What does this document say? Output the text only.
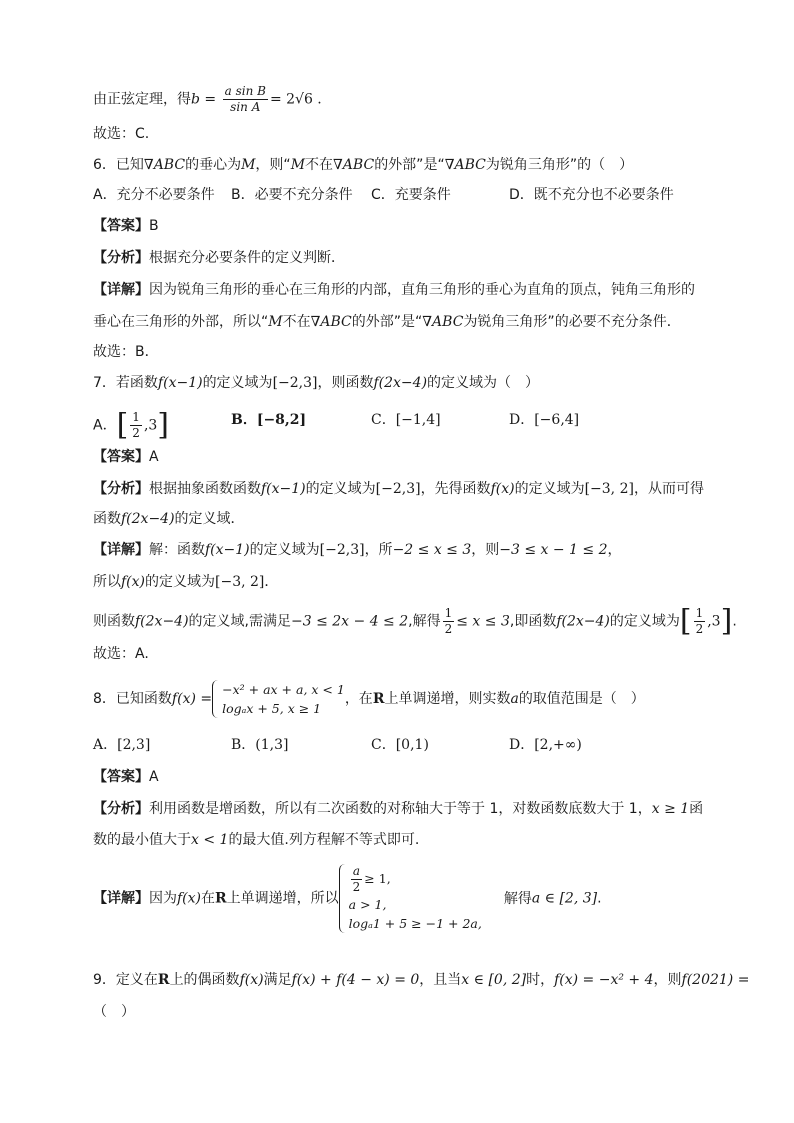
由正弦定理，得$b = \frac{\text{a sin B}}{\text{sin A}} = 2√6$ .
故选：C.
6．已知∇ABC的垂心为M，则“M不在∇ABC的外部”是“∇ABC为锐角三角形”的（　）
A．充分不必要条件 B．必要不充分条件 C．充要条件	D．既不充分也不必要条件
【答案】B
【分析】根据充分必要条件的定义判断．
【详解】因为锐角三角形的垂心在三角形的内部，直角三角形的垂心为直角的顶点，钝角三角形的
垂心在三角形的外部，所以“M不在∇ABC的外部”是“∇ABC为锐角三角形”的必要不充分条件．
故选：B．
7．若函数f(x−1)的定义域为[−2,3]，则函数f(2x−4)的定义域为（　）
A．[ $\frac{1}{2} ,3$]	B．[−8,2]	C．[−1,4]	D．[−6,4]
【答案】A
【分析】根据抽象函数函数f(x−1)的定义域为[−2,3]，先得函数f(x)的定义域为[−3, 2]，从而可得
函数f(2x−4)的定义域．
【详解】解：函数f(x−1)的定义域为[−2,3]，所−2 ≤ x ≤ 3，则−3 ≤ x − 1 ≤ 2，
所以f(x)的定义域为[−3, 2]．
则函数f(2x−4)的定义域,需满足−3 ≤ 2x − 4 ≤ 2,解得 $\frac{1}{2} \le x \le 3$,即函数f(2x−4)的定义域为[ $\frac{1}{2} ,3$].
故选：A.
8．已知函数f(x) =
−x² + ax + a, x < 1
logₐx + 5, x ≥ 1
，在R上单调递增，则实数a的取值范围是（　）
A．[2,3]	B．(1,3]	C．[0,1)	D．[2,+∞)
【答案】A
【分析】利用函数是增函数，所以有二次函数的对称轴大于等于 1，对数函数底数大于 1，x ≥ 1函
数的最小值大于x < 1的最大值.列方程解不等式即可.
【详解】因为f(x)在R上单调递增，所以
$\frac{a}{2} \ge 1$,
a > 1,
logₐ1 + 5 ≥ −1 + 2a,
解得a ∈ [2, 3].
9．定义在R上的偶函数f(x)满足f(x) + f(4 − x) = 0，且当x ∈ [0, 2]时，f(x) = −x² + 4，则f(2021) =
（　）
